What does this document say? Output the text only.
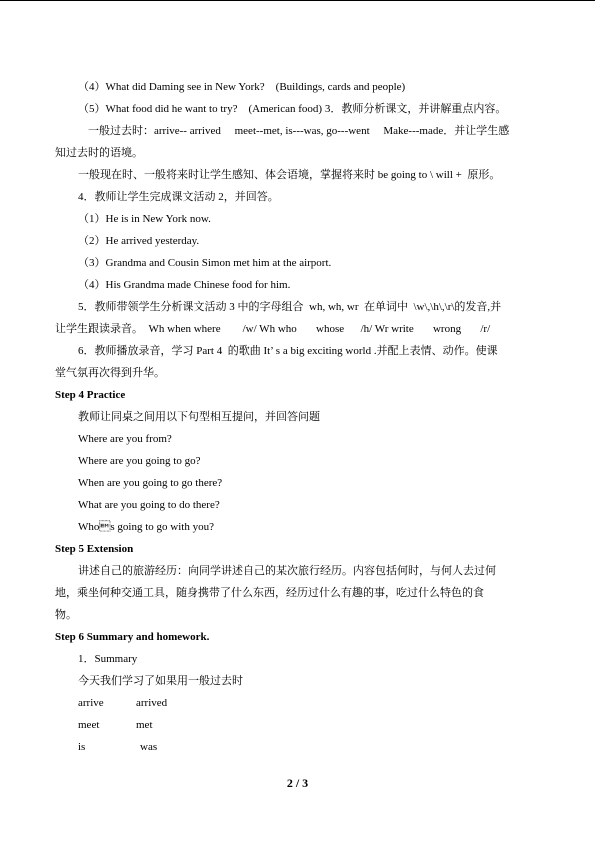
（4）What did Daming see in New York?    (Buildings, cards and people)
（5）What food did he want to try?    (American food) 3．教师分析课文，并讲解重点内容。
一般过去时：arrive-- arrived     meet--met, is---was, go---went     Make---made．并让学生感
知过去时的语境。
一般现在时、一般将来时让学生感知、体会语境，掌握将来时 be going to \ will +  原形。
4．教师让学生完成课文活动 2，并回答。
（1）He is in New York now.
（2）He arrived yesterday.
（3）Grandma and Cousin Simon met him at the airport.
（4）His Grandma made Chinese food for him.
5．教师带领学生分析课文活动 3 中的字母组合  wh, wh, wr  在单词中  \w\,\h\,\r\的发音,并
让学生跟读录音。  Wh when where        /w/ Wh who       whose      /h/ Wr write       wrong       /r/
6．教师播放录音，学习 Part 4  的歌曲 It’ s a big exciting world .并配上表情、动作。使课
堂气氛再次得到升华。
Step 4 Practice
教师让同桌之间用以下句型相互提问，并回答问题
Where are you from?
Where are you going to go?
When are you going to go there?
What are you going to do there?
Whos going to go with you?
Step 5 Extension
讲述自己的旅游经历：向同学讲述自己的某次旅行经历。内容包括何时，与何人去过何
地，乘坐何种交通工具，随身携带了什么东西，经历过什么有趣的事，吃过什么特色的食
物。
Step 6 Summary and homework.
1．Summary
今天我们学习了如果用一般过去时
arrive	arrived
meet	met
is	was
2 / 3
